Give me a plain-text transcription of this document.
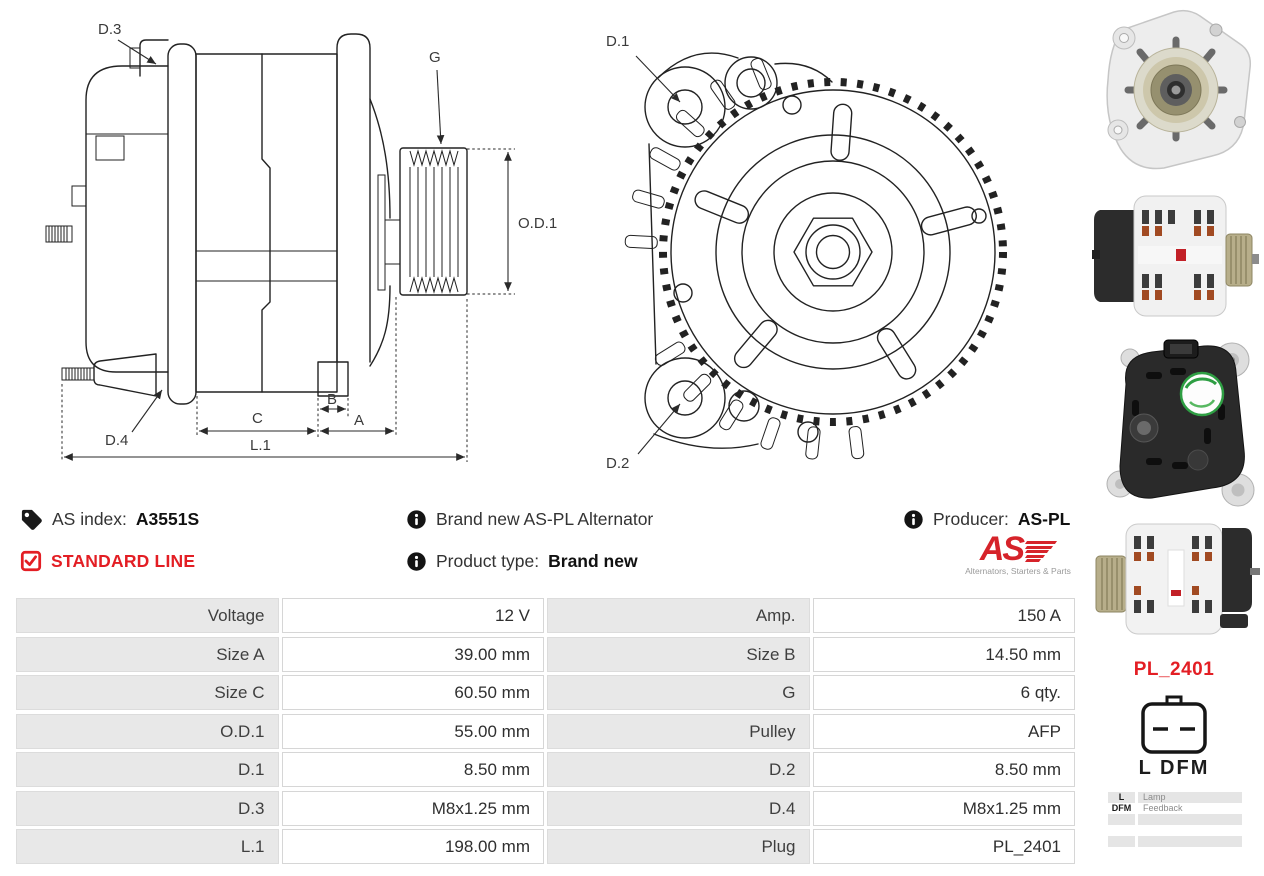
O.D.1
C
B
A
L.1
D.3
G
D.4
D.1
D.2
AS index: A3551S	Brand new AS-PL Alternator	Producer: AS-PL
STANDARD LINE	Product type: Brand new	AS
Alternators, Starters & Parts
Voltage	12 V	Amp.	150 A
Size A	39.00 mm	Size B	14.50 mm
Size C	60.50 mm	G	6 qty.
O.D.1	55.00 mm	Pulley	AFP
D.1	8.50 mm	D.2	8.50 mm
D.3	M8x1.25 mm	D.4	M8x1.25 mm
L.1	198.00 mm	Plug	PL_2401
PL_2401
L DFM
L	Lamp
DFM	Feedback
